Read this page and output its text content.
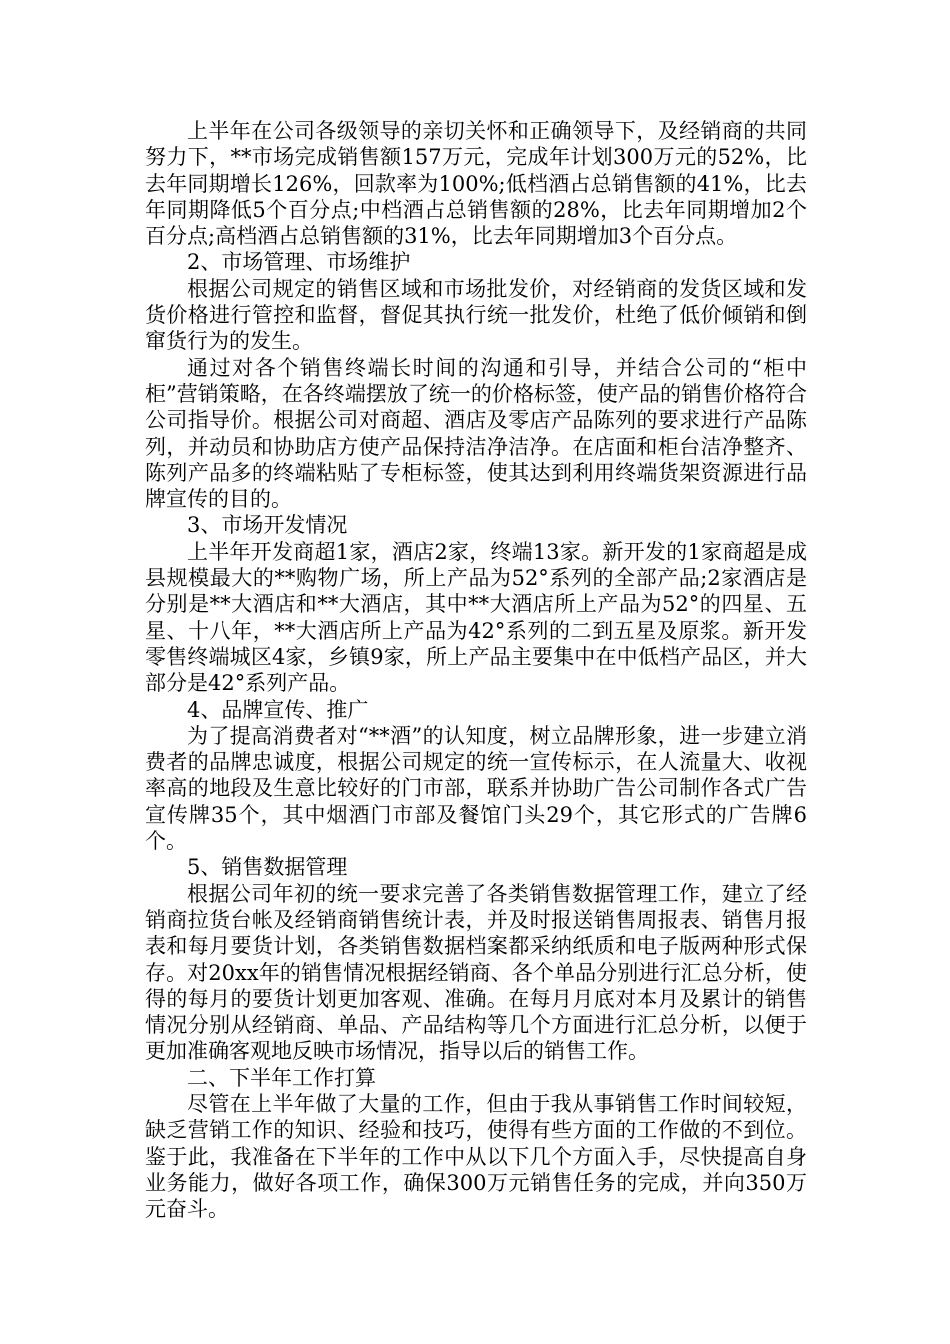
上半年在公司各级领导的亲切关怀和正确领导下，及经销商的共同努力下，**市场完成销售额157万元，完成年计划300万元的52%，比去年同期增长126%，回款率为100%;低档酒占总销售额的41%，比去年同期降低5个百分点;中档酒占总销售额的28%，比去年同期增加2个百分点;高档酒占总销售额的31%，比去年同期增加3个百分点。

2、市场管理、市场维护

根据公司规定的销售区域和市场批发价，对经销商的发货区域和发货价格进行管控和监督，督促其执行统一批发价，杜绝了低价倾销和倒窜货行为的发生。

通过对各个销售终端长时间的沟通和引导，并结合公司的“柜中柜”营销策略，在各终端摆放了统一的价格标签，使产品的销售价格符合公司指导价。根据公司对商超、酒店及零店产品陈列的要求进行产品陈列，并动员和协助店方使产品保持洁净洁净。在店面和柜台洁净整齐、陈列产品多的终端粘贴了专柜标签，使其达到利用终端货架资源进行品牌宣传的目的。

3、市场开发情况

上半年开发商超1家，酒店2家，终端13家。新开发的1家商超是成县规模最大的**购物广场，所上产品为52°系列的全部产品;2家酒店是分别是**大酒店和**大酒店，其中**大酒店所上产品为52°的四星、五星、十八年，**大酒店所上产品为42°系列的二到五星及原浆。新开发零售终端城区4家，乡镇9家，所上产品主要集中在中低档产品区，并大部分是42°系列产品。

4、品牌宣传、推广

为了提高消费者对“**酒”的认知度，树立品牌形象，进一步建立消费者的品牌忠诚度，根据公司规定的统一宣传标示，在人流量大、收视率高的地段及生意比较好的门市部，联系并协助广告公司制作各式广告宣传牌35个，其中烟酒门市部及餐馆门头29个，其它形式的广告牌6个。

5、销售数据管理

根据公司年初的统一要求完善了各类销售数据管理工作，建立了经销商拉货台帐及经销商销售统计表，并及时报送销售周报表、销售月报表和每月要货计划，各类销售数据档案都采纳纸质和电子版两种形式保存。对20xx年的销售情况根据经销商、各个单品分别进行汇总分析，使得的每月的要货计划更加客观、准确。在每月月底对本月及累计的销售情况分别从经销商、单品、产品结构等几个方面进行汇总分析，以便于更加准确客观地反映市场情况，指导以后的销售工作。

二、下半年工作打算

尽管在上半年做了大量的工作，但由于我从事销售工作时间较短，缺乏营销工作的知识、经验和技巧，使得有些方面的工作做的不到位。鉴于此，我准备在下半年的工作中从以下几个方面入手，尽快提高自身业务能力，做好各项工作，确保300万元销售任务的完成，并向350万元奋斗。
